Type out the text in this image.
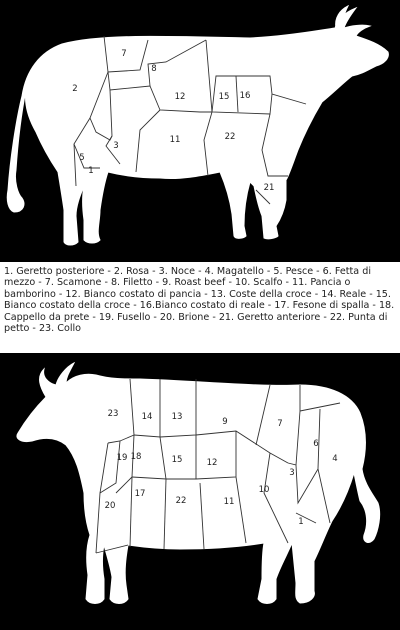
7
8
2
12	15 16
11	22
3
5
1
21

1. Geretto posteriore - 2. Rosa - 3. Noce - 4. Magatello - 5. Pesce - 6. Fetta di mezzo - 7. Scamone - 8. Filetto - 9. Roast beef - 10. Scalfo - 11. Pancia o bamborino - 12. Bianco costato di pancia - 13. Coste della croce - 14. Reale - 15. Bianco costato della croce - 16.Bianco costato di reale - 17. Fesone di spalla - 18. Cappello da prete - 19. Fusello - 20. Brione - 21. Geretto anteriore - 22. Punta di petto - 23. Collo

23	14 13	9	7
6
4
19 18	15	12
3
17
22	11
10
20
1
